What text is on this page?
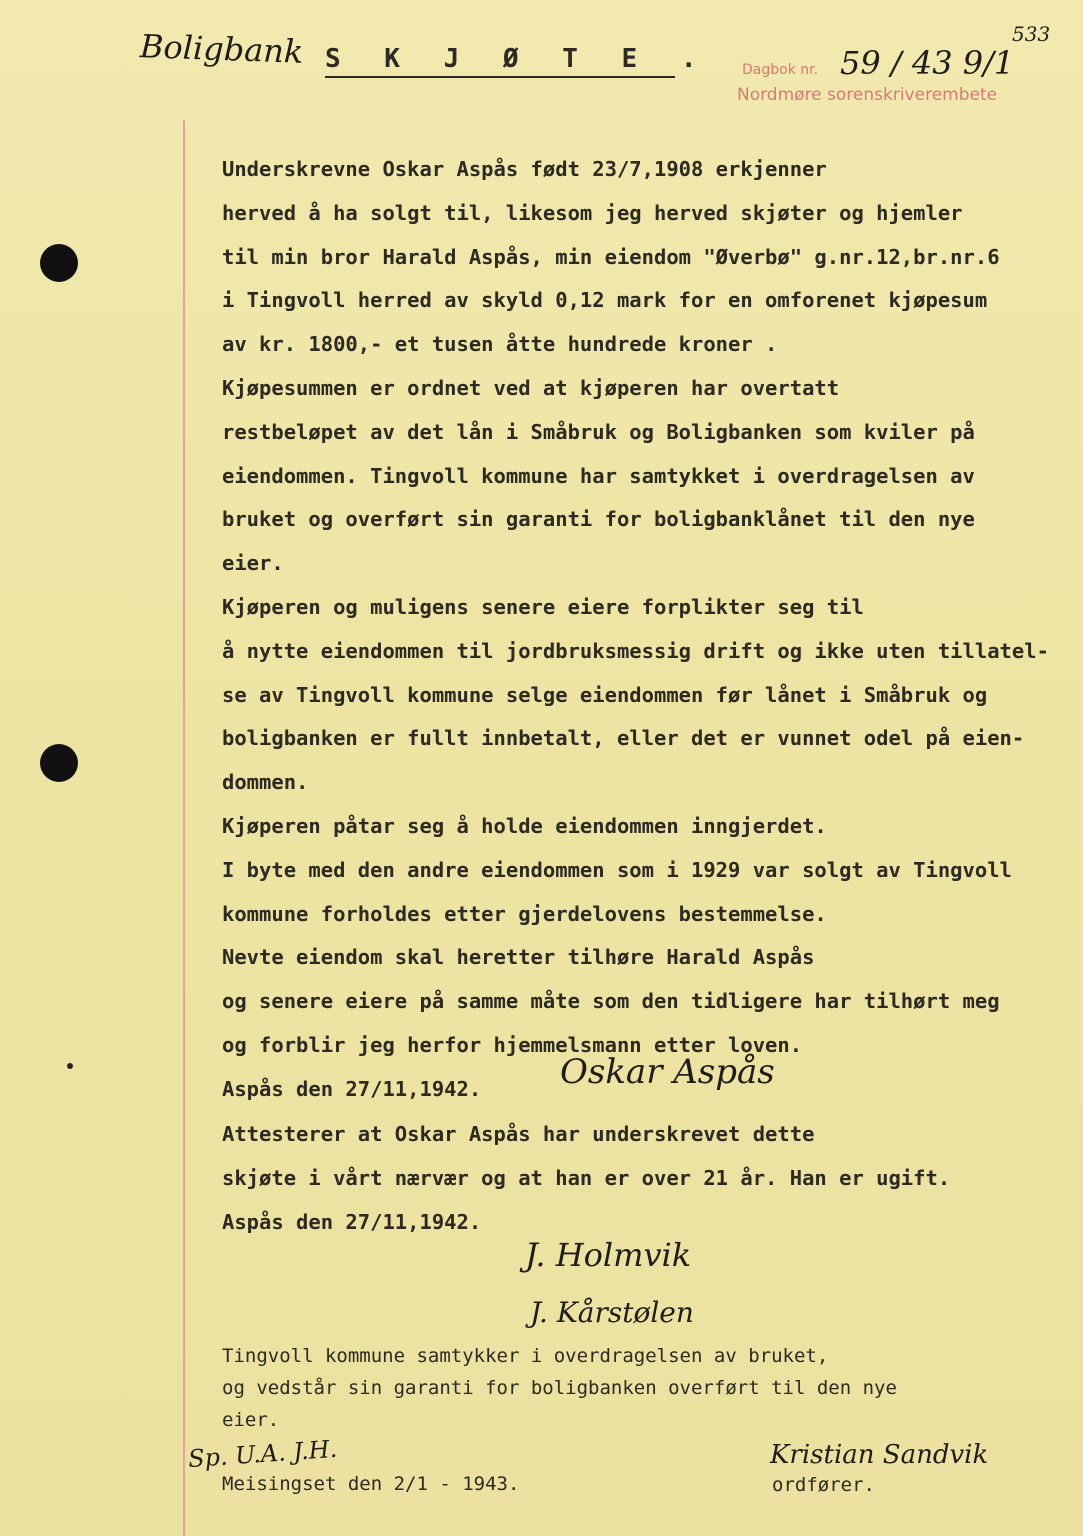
Boligbank S K J Ø T E . Dagbok nr.
Nordmøre sorenskriverembete
59 / 43 9/1
533
Underskrevne Oskar Aspås født 23/7,1908 erkjenner
herved å ha solgt til, likesom jeg herved skjøter og hjemler
til min bror Harald Aspås, min eiendom "Øverbø" g.nr.12,br.nr.6
i Tingvoll herred av skyld 0,12 mark for en omforenet kjøpesum
av kr. 1800,- et tusen åtte hundrede kroner .
Kjøpesummen er ordnet ved at kjøperen har overtatt
restbeløpet av det lån i Småbruk og Boligbanken som kviler på
eiendommen. Tingvoll kommune har samtykket i overdragelsen av
bruket og overført sin garanti for boligbanklånet til den nye
eier.
Kjøperen og muligens senere eiere forplikter seg til
å nytte eiendommen til jordbruksmessig drift og ikke uten tillatel-
se av Tingvoll kommune selge eiendommen før lånet i Småbruk og
boligbanken er fullt innbetalt, eller det er vunnet odel på eien-
dommen.
Kjøperen påtar seg å holde eiendommen inngjerdet.
I byte med den andre eiendommen som i 1929 var solgt av Tingvoll
kommune forholdes etter gjerdelovens bestemmelse.
Nevte eiendom skal heretter tilhøre Harald Aspås
og senere eiere på samme måte som den tidligere har tilhørt meg
og forblir jeg herfor hjemmelsmann etter loven.
Aspås den 27/11,1942.	Oskar Aspås
Attesterer at Oskar Aspås har underskrevet dette
skjøte i vårt nærvær og at han er over 21 år. Han er ugift.
Aspås den 27/11,1942.
J. Holmvik
J. Kårstølen
Tingvoll kommune samtykker i overdragelsen av bruket,
og vedstår sin garanti for boligbanken overført til den nye
eier.
Meisingset den 2/1 - 1943.
Sp. U.A. J.H.	Kristian Sandvik
ordfører.
